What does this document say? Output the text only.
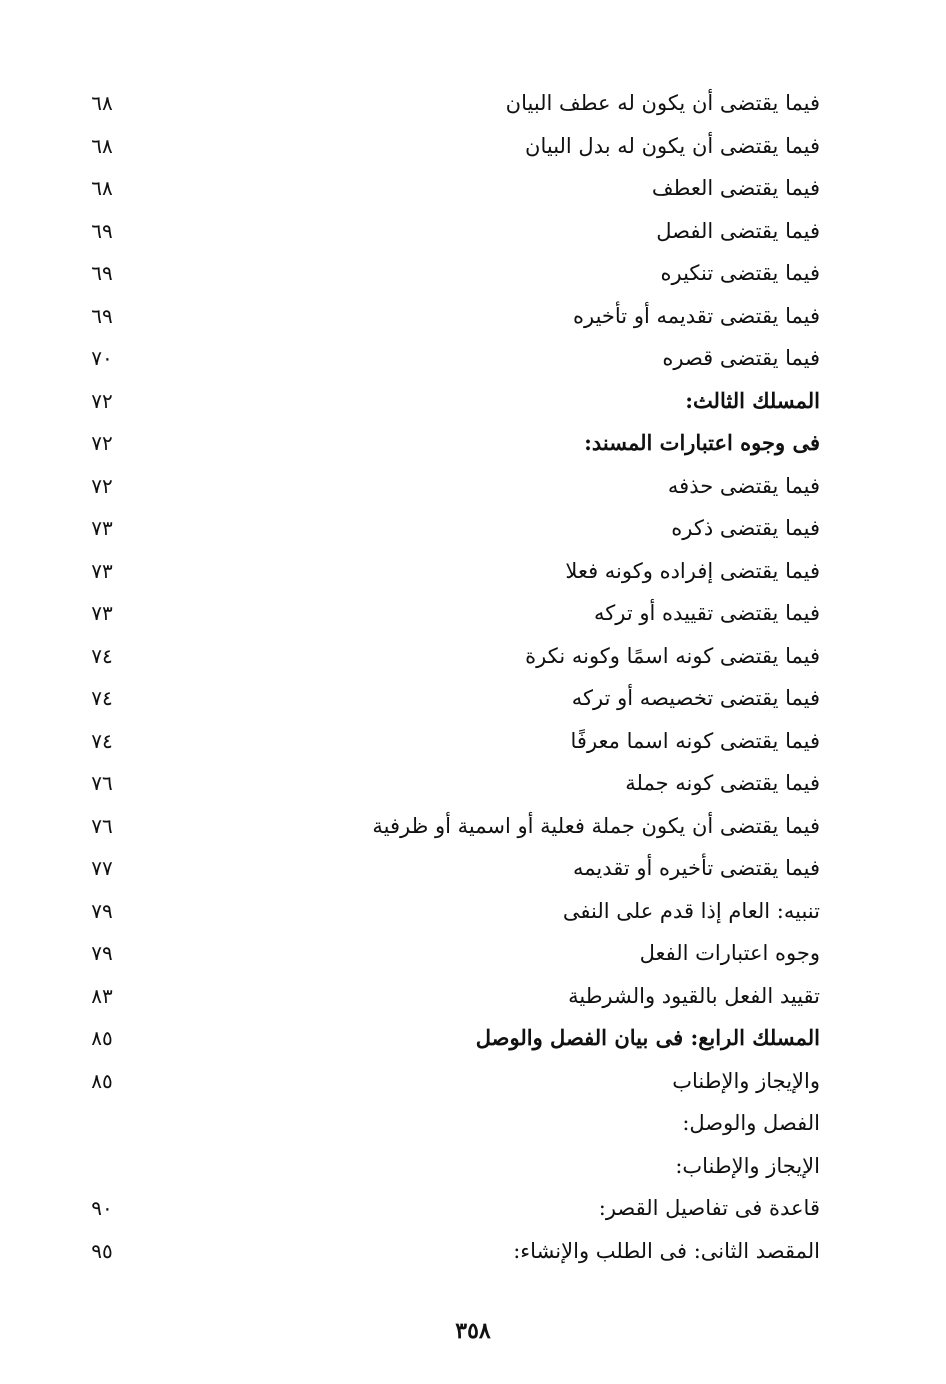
فيما يقتضى أن يكون له عطف البيان
٦٨
فيما يقتضى أن يكون له بدل البيان
٦٨
فيما يقتضى العطف
٦٨
فيما يقتضى الفصل
٦٩
فيما يقتضى تنكيره
٦٩
فيما يقتضى تقديمه أو تأخيره
٦٩
فيما يقتضى قصره
٧٠
المسلك الثالث:
٧٢
فى وجوه اعتبارات المسند:
٧٢
فيما يقتضى حذفه
٧٢
فيما يقتضى ذكره
٧٣
فيما يقتضى إفراده وكونه فعلا
٧٣
فيما يقتضى تقييده أو تركه
٧٣
فيما يقتضى كونه اسمًا وكونه نكرة
٧٤
فيما يقتضى تخصيصه أو تركه
٧٤
فيما يقتضى كونه اسما معرفًا
٧٤
فيما يقتضى كونه جملة
٧٦
فيما يقتضى أن يكون جملة فعلية أو اسمية أو ظرفية
٧٦
فيما يقتضى تأخيره أو تقديمه
٧٧
تنبيه: العام إذا قدم على النفى
٧٩
وجوه اعتبارات الفعل
٧٩
تقييد الفعل بالقيود والشرطية
٨٣
المسلك الرابع: فى بيان الفصل والوصل
٨٥
والإيجاز والإطناب
٨٥
الفصل والوصل:
الإيجاز والإطناب:
قاعدة فى تفاصيل القصر:
٩٠
المقصد الثانى: فى الطلب والإنشاء:
٩٥
٣٥٨
